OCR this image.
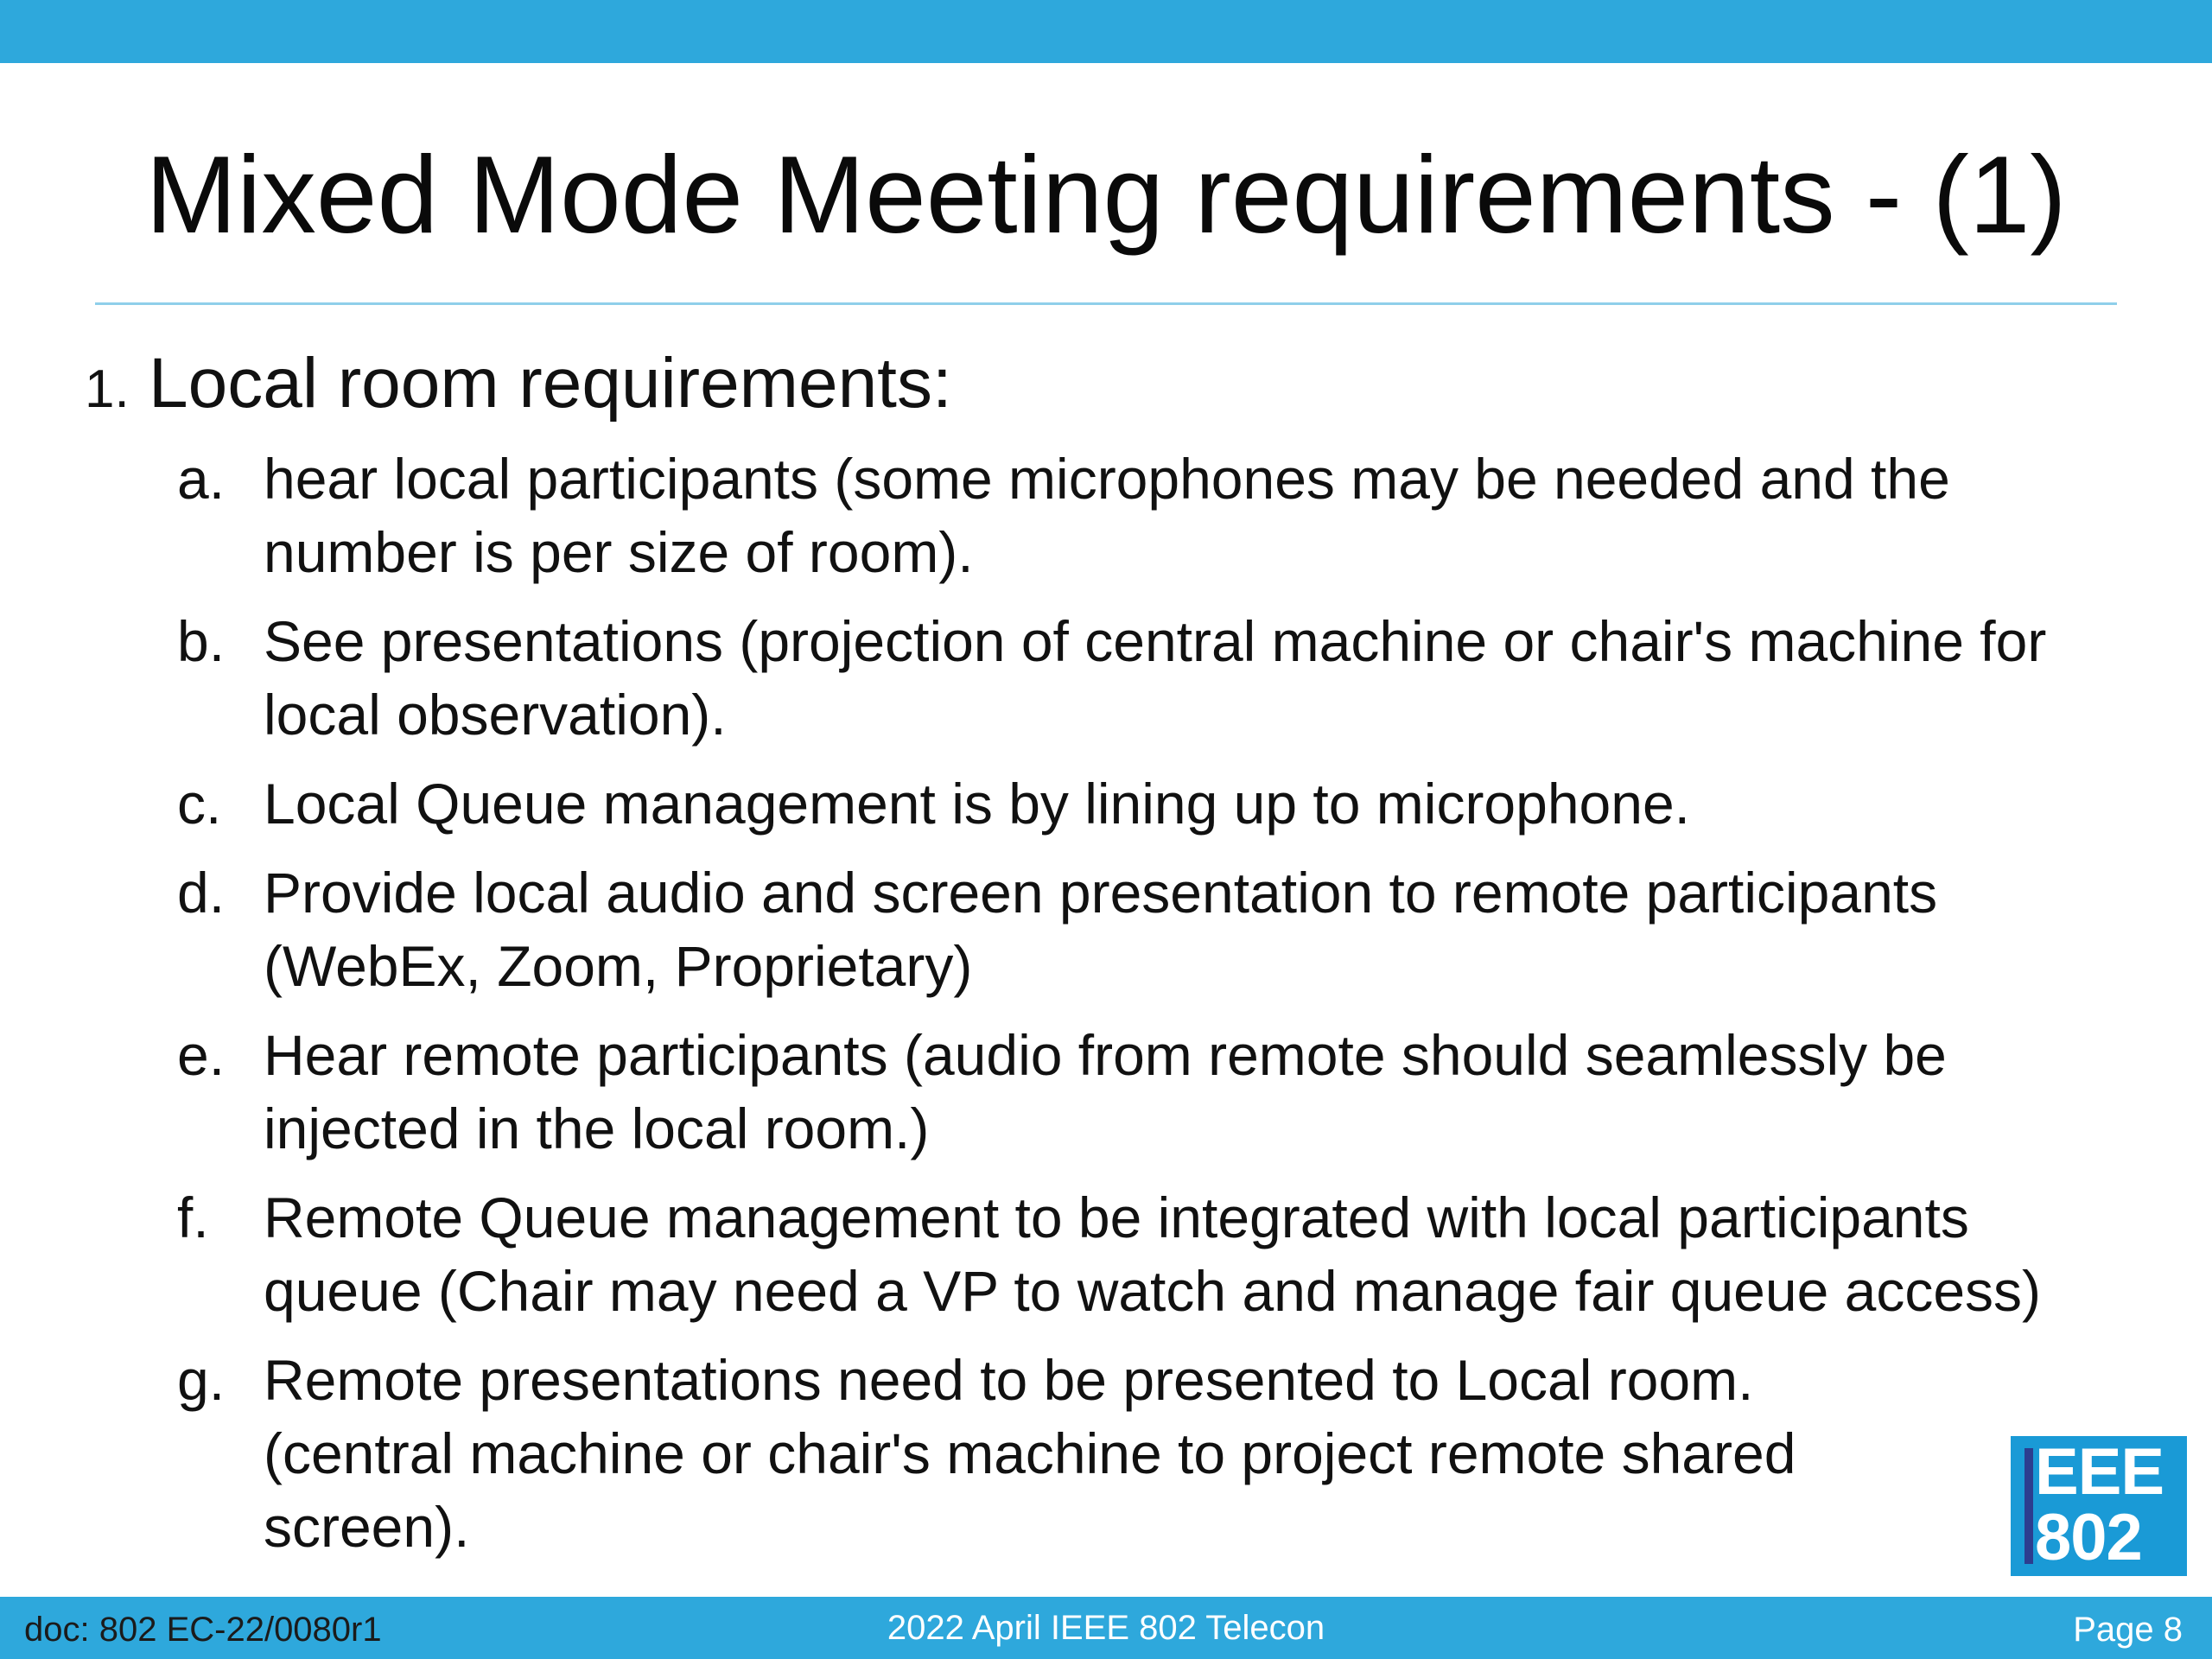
Mixed Mode Meeting requirements - (1)
1. Local room requirements:
a. hear local participants (some microphones may be needed and the number is per size of room).
b. See presentations (projection of central machine or chair's machine for local observation).
c. Local Queue management is by lining up to microphone.
d. Provide local audio and screen presentation to remote participants (WebEx, Zoom, Proprietary)
e. Hear remote participants (audio from remote should seamlessly be injected in the local room.)
f. Remote Queue management to be integrated with local participants queue (Chair may need a VP to watch and manage fair queue access)
g. Remote presentations need to be presented to Local room. (central machine or chair's machine to project remote shared screen).
doc: 802 EC-22/0080r1	2022 April IEEE 802 Telecon	Page 8
EEE
802
